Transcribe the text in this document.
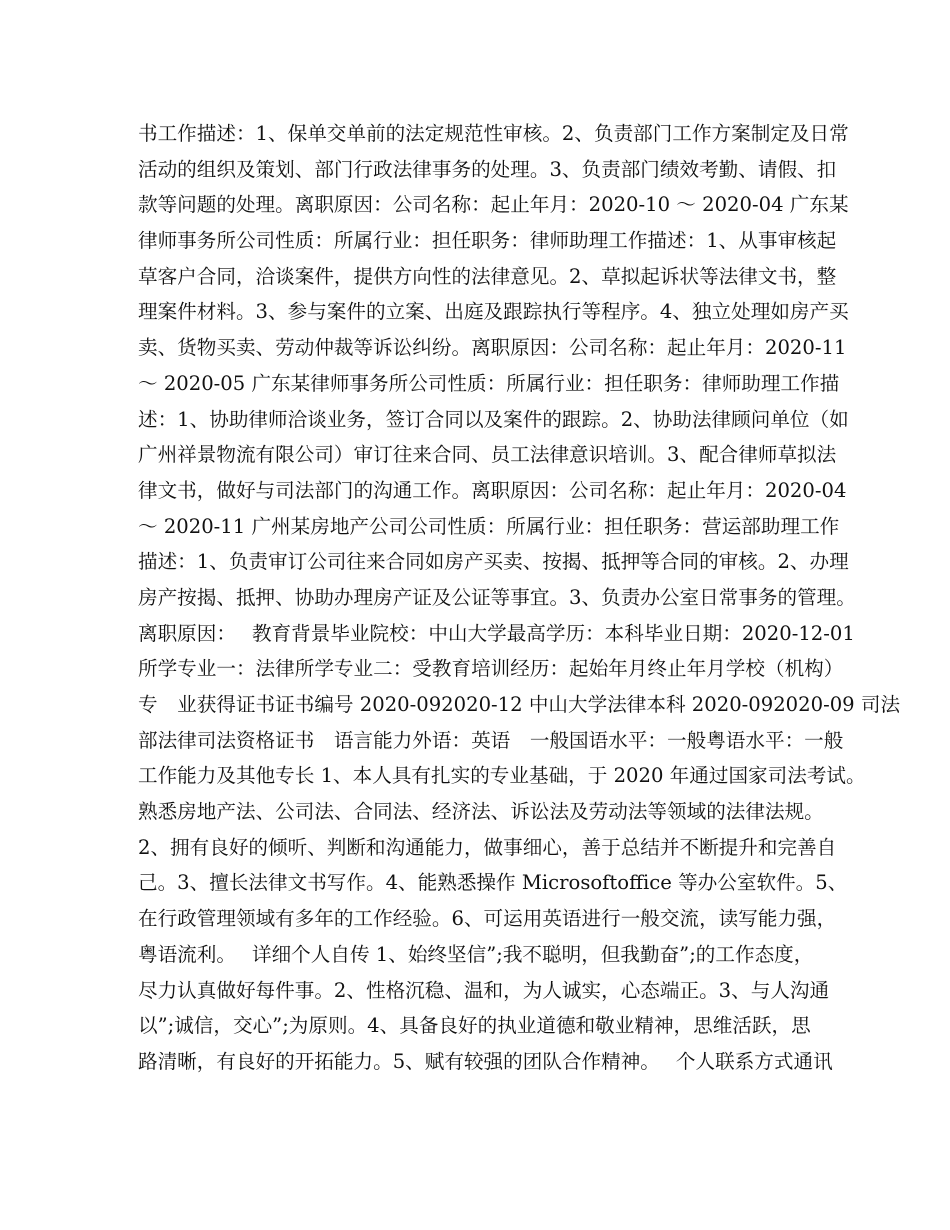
书工作描述：1、保单交单前的法定规范性审核。2、负责部门工作方案制定及日常
活动的组织及策划、部门行政法律事务的处理。3、负责部门绩效考勤、请假、扣
款等问题的处理。离职原因：公司名称：起止年月：2020-10 ～ 2020-04 广东某
律师事务所公司性质：所属行业：担任职务：律师助理工作描述：1、从事审核起
草客户合同，洽谈案件，提供方向性的法律意见。2、草拟起诉状等法律文书，整
理案件材料。3、参与案件的立案、出庭及跟踪执行等程序。4、独立处理如房产买
卖、货物买卖、劳动仲裁等诉讼纠纷。离职原因：公司名称：起止年月：2020-11
～ 2020-05 广东某律师事务所公司性质：所属行业：担任职务：律师助理工作描
述：1、协助律师洽谈业务，签订合同以及案件的跟踪。2、协助法律顾问单位（如
广州祥景物流有限公司）审订往来合同、员工法律意识培训。3、配合律师草拟法
律文书，做好与司法部门的沟通工作。离职原因：公司名称：起止年月：2020-04
～ 2020-11 广州某房地产公司公司性质：所属行业：担任职务：营运部助理工作
描述：1、负责审订公司往来合同如房产买卖、按揭、抵押等合同的审核。2、办理
房产按揭、抵押、协助办理房产证及公证等事宜。3、负责办公室日常事务的管理。
离职原因：　 教育背景毕业院校：中山大学最高学历：本科毕业日期：2020-12-01
所学专业一：法律所学专业二：受教育培训经历：起始年月终止年月学校（机构）
专　业获得证书证书编号 2020-092020-12 中山大学法律本科 2020-092020-09 司法
部法律司法资格证书　语言能力外语：英语　一般国语水平：一般粤语水平：一般
工作能力及其他专长 1、本人具有扎实的专业基础，于 2020 年通过国家司法考试。
熟悉房地产法、公司法、合同法、经济法、诉讼法及劳动法等领域的法律法规。
2、拥有良好的倾听、判断和沟通能力，做事细心，善于总结并不断提升和完善自
己。3、擅长法律文书写作。4、能熟悉操作 Microsoftoffice 等办公室软件。5、
在行政管理领域有多年的工作经验。6、可运用英语进行一般交流，读写能力强，
粤语流利。　 详细个人自传 1、始终坚信”;我不聪明，但我勤奋”;的工作态度，
尽力认真做好每件事。2、性格沉稳、温和，为人诚实，心态端正。3、与人沟通
以”;诚信，交心”;为原则。4、具备良好的执业道德和敬业精神，思维活跃，思
路清晰，有良好的开拓能力。5、赋有较强的团队合作精神。　 个人联系方式通讯
